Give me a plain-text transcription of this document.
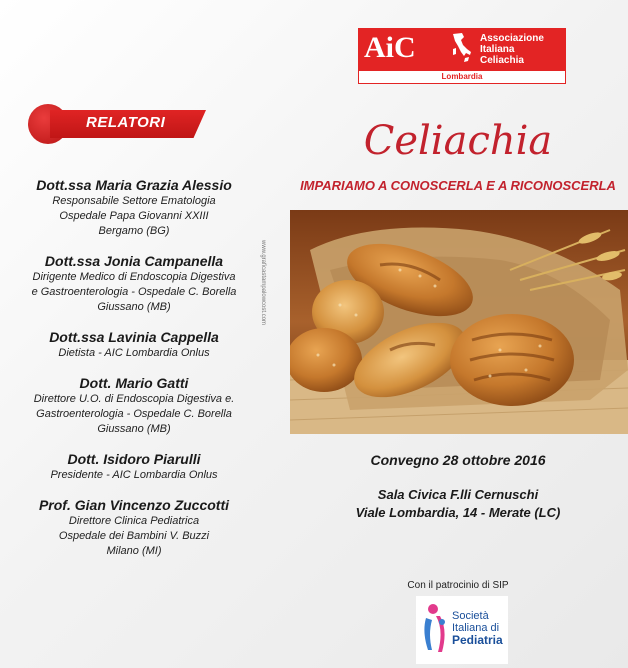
RELATORI
Dott.ssa Maria Grazia Alessio
Responsabile Settore Ematologia
Ospedale Papa Giovanni XXIII
Bergamo (BG)
Dott.ssa Jonia Campanella
Dirigente Medico di Endoscopia Digestiva
e Gastroenterologia - Ospedale C. Borella
Giussano (MB)
Dott.ssa Lavinia Cappella
Dietista - AIC Lombardia Onlus
Dott. Mario Gatti
Direttore U.O. di Endoscopia Digestiva e.
Gastroenterologia - Ospedale C. Borella
Giussano (MB)
Dott. Isidoro Piarulli
Presidente - AIC Lombardia Onlus
Prof. Gian Vincenzo Zuccotti
Direttore Clinica Pediatrica
Ospedale dei Bambini V. Buzzi
Milano (MI)
www.graficastampalowcost.com
AiC	Associazione
Italiana
Celiachia
Lombardia
Celiachia
IMPARIAMO A CONOSCERLA E A RICONOSCERLA
Convegno 28 ottobre 2016
Sala Civica F.lli Cernuschi
Viale Lombardia, 14 - Merate (LC)
Con il patrocinio di SIP
Società
Italiana di
Pediatria
